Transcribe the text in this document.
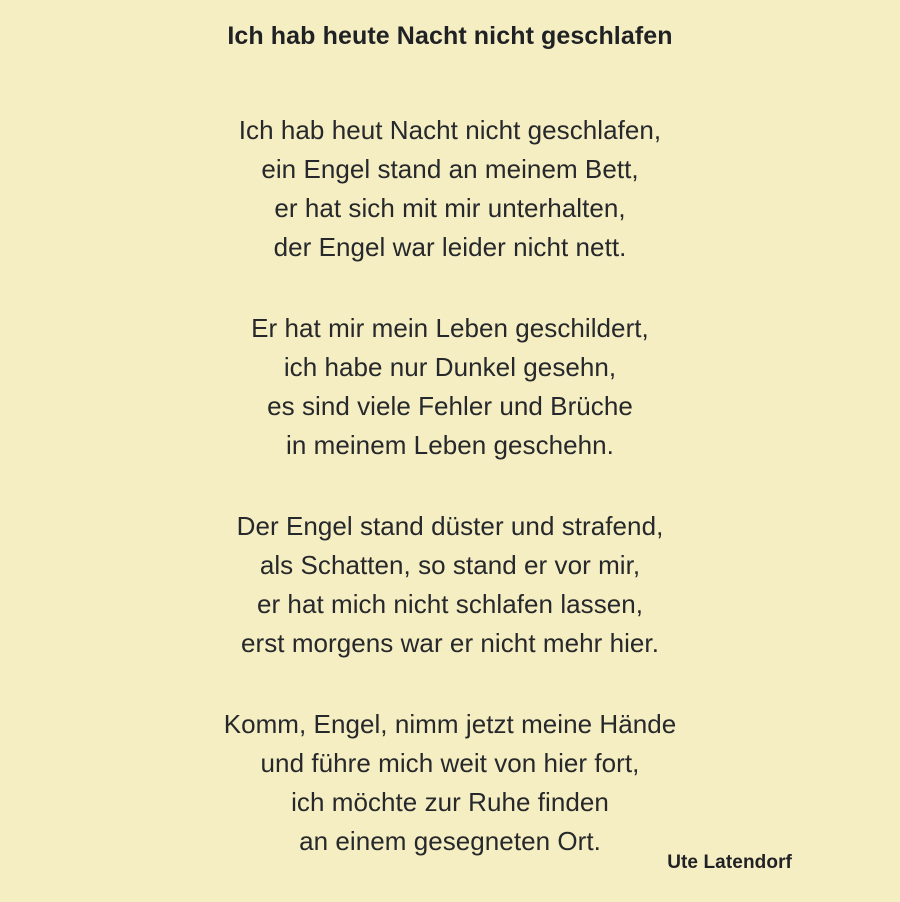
Ich hab heute Nacht nicht geschlafen
Ich hab heut Nacht nicht geschlafen,
ein Engel stand an meinem Bett,
er hat sich mit mir unterhalten,
der Engel war leider nicht nett.
Er hat mir mein Leben geschildert,
ich habe nur Dunkel gesehn,
es sind viele Fehler und Brüche
in meinem Leben geschehn.
Der Engel stand düster und strafend,
als Schatten, so stand er vor mir,
er hat mich nicht schlafen lassen,
erst morgens war er nicht mehr hier.
Komm, Engel, nimm jetzt meine Hände
und führe mich weit von hier fort,
ich möchte zur Ruhe finden
an einem gesegneten Ort.
Ute Latendorf
